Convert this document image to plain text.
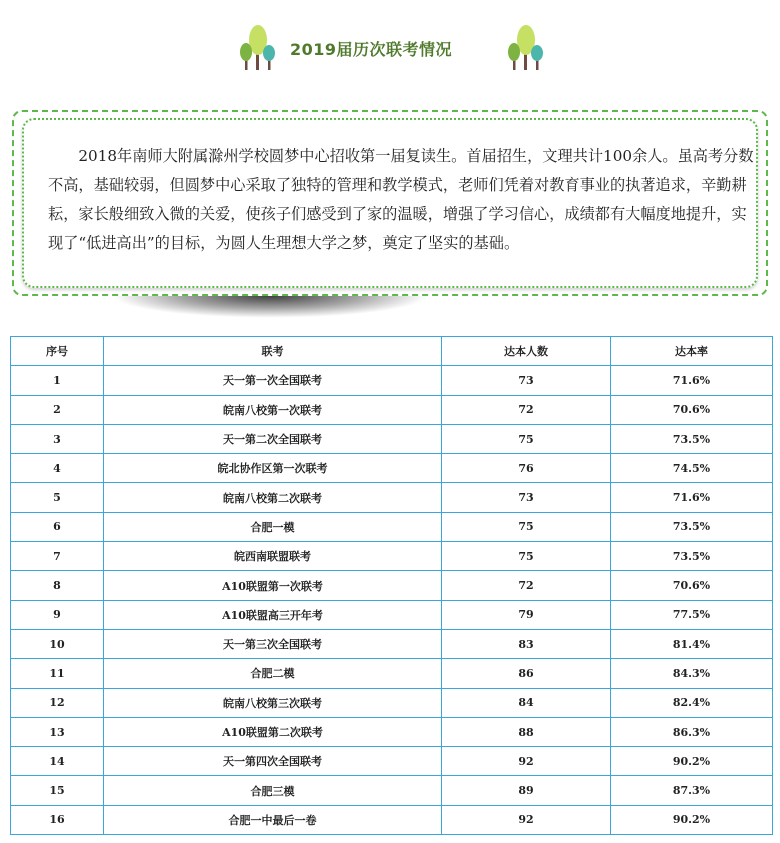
2019届历次联考情况

2018年南师大附属滁州学校圆梦中心招收第一届复读生。首届招生，文理共计100余人。虽高考分数不高，基础较弱，但圆梦中心采取了独特的管理和教学模式，老师们凭着对教育事业的执著追求，辛勤耕耘，家长般细致入微的关爱，使孩子们感受到了家的温暖，增强了学习信心，成绩都有大幅度地提升，实现了“低进高出”的目标，为圆人生理想大学之梦，奠定了坚实的基础。

序号	联考	达本人数	达本率
1	天一第一次全国联考	73	71.6%
2	皖南八校第一次联考	72	70.6%
3	天一第二次全国联考	75	73.5%
4	皖北协作区第一次联考	76	74.5%
5	皖南八校第二次联考	73	71.6%
6	合肥一模	75	73.5%
7	皖西南联盟联考	75	73.5%
8	A10联盟第一次联考	72	70.6%
9	A10联盟高三开年考	79	77.5%
10	天一第三次全国联考	83	81.4%
11	合肥二模	86	84.3%
12	皖南八校第三次联考	84	82.4%
13	A10联盟第二次联考	88	86.3%
14	天一第四次全国联考	92	90.2%
15	合肥三模	89	87.3%
16	合肥一中最后一卷	92	90.2%
